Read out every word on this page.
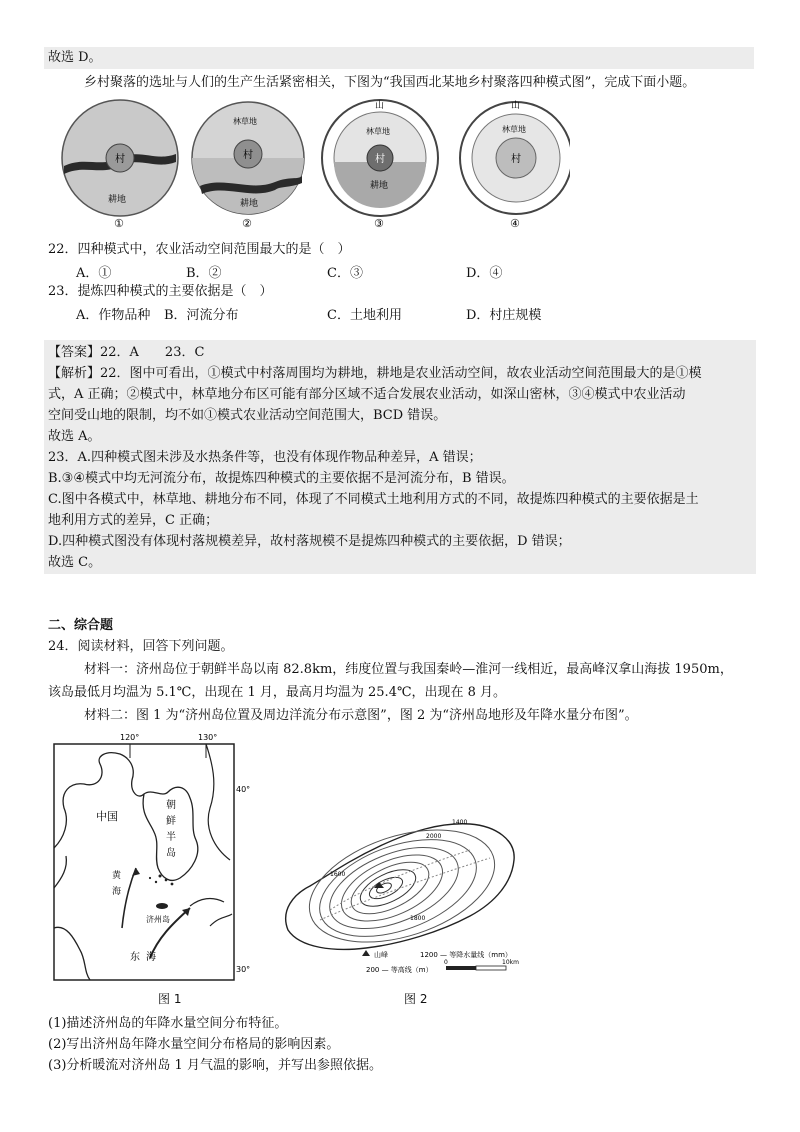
故选 D。
乡村聚落的选址与人们的生产生活紧密相关，下图为“我国西北某地乡村聚落四种模式图”，完成下面小题。
村
耕地
①
村
林草地
耕地
②
村
山
林草地
耕地
③
村
山
林草地
④
22．四种模式中，农业活动空间范围最大的是（　）
A．①	B．②	C．③	D．④
23．提炼四种模式的主要依据是（　）
A．作物品种 B．河流分布	C．土地利用	D．村庄规模
【答案】22．A　　23．C
【解析】22．图中可看出，①模式中村落周围均为耕地，耕地是农业活动空间，故农业活动空间范围最大的是①模
式，A 正确；②模式中，林草地分布区可能有部分区域不适合发展农业活动，如深山密林，③④模式中农业活动
空间受山地的限制，均不如①模式农业活动空间范围大，BCD 错误。
故选 A。
23．A.四种模式图未涉及水热条件等，也没有体现作物品种差异，A 错误；
B.③④模式中均无河流分布，故提炼四种模式的主要依据不是河流分布，B 错误。
C.图中各模式中，林草地、耕地分布不同，体现了不同模式土地利用方式的不同，故提炼四种模式的主要依据是土
地利用方式的差异，C 正确；
D.四种模式图没有体现村落规模差异，故村落规模不是提炼四种模式的主要依据，D 错误；
故选 C。
二、综合题
24．阅读材料，回答下列问题。
材料一：济州岛位于朝鲜半岛以南 82.8km，纬度位置与我国秦岭—淮河一线相近，最高峰汉拿山海拔 1950m，
该岛最低月均温为 5.1℃，出现在 1 月，最高月均温为 25.4℃，出现在 8 月。
材料二：图 1 为“济州岛位置及周边洋流分布示意图”，图 2 为“济州岛地形及年降水量分布图”。
120°	130°
40°
30°
中国
朝
鲜
半
岛
黄
海
济州岛
东 海
图 1
1400
2000
1600
1800
山峰	1200 — 等降水量线（mm）
200 — 等高线（m）
0	10km
图 2
(1)描述济州岛的年降水量空间分布特征。
(2)写出济州岛年降水量空间分布格局的影响因素。
(3)分析暖流对济州岛 1 月气温的影响，并写出参照依据。
